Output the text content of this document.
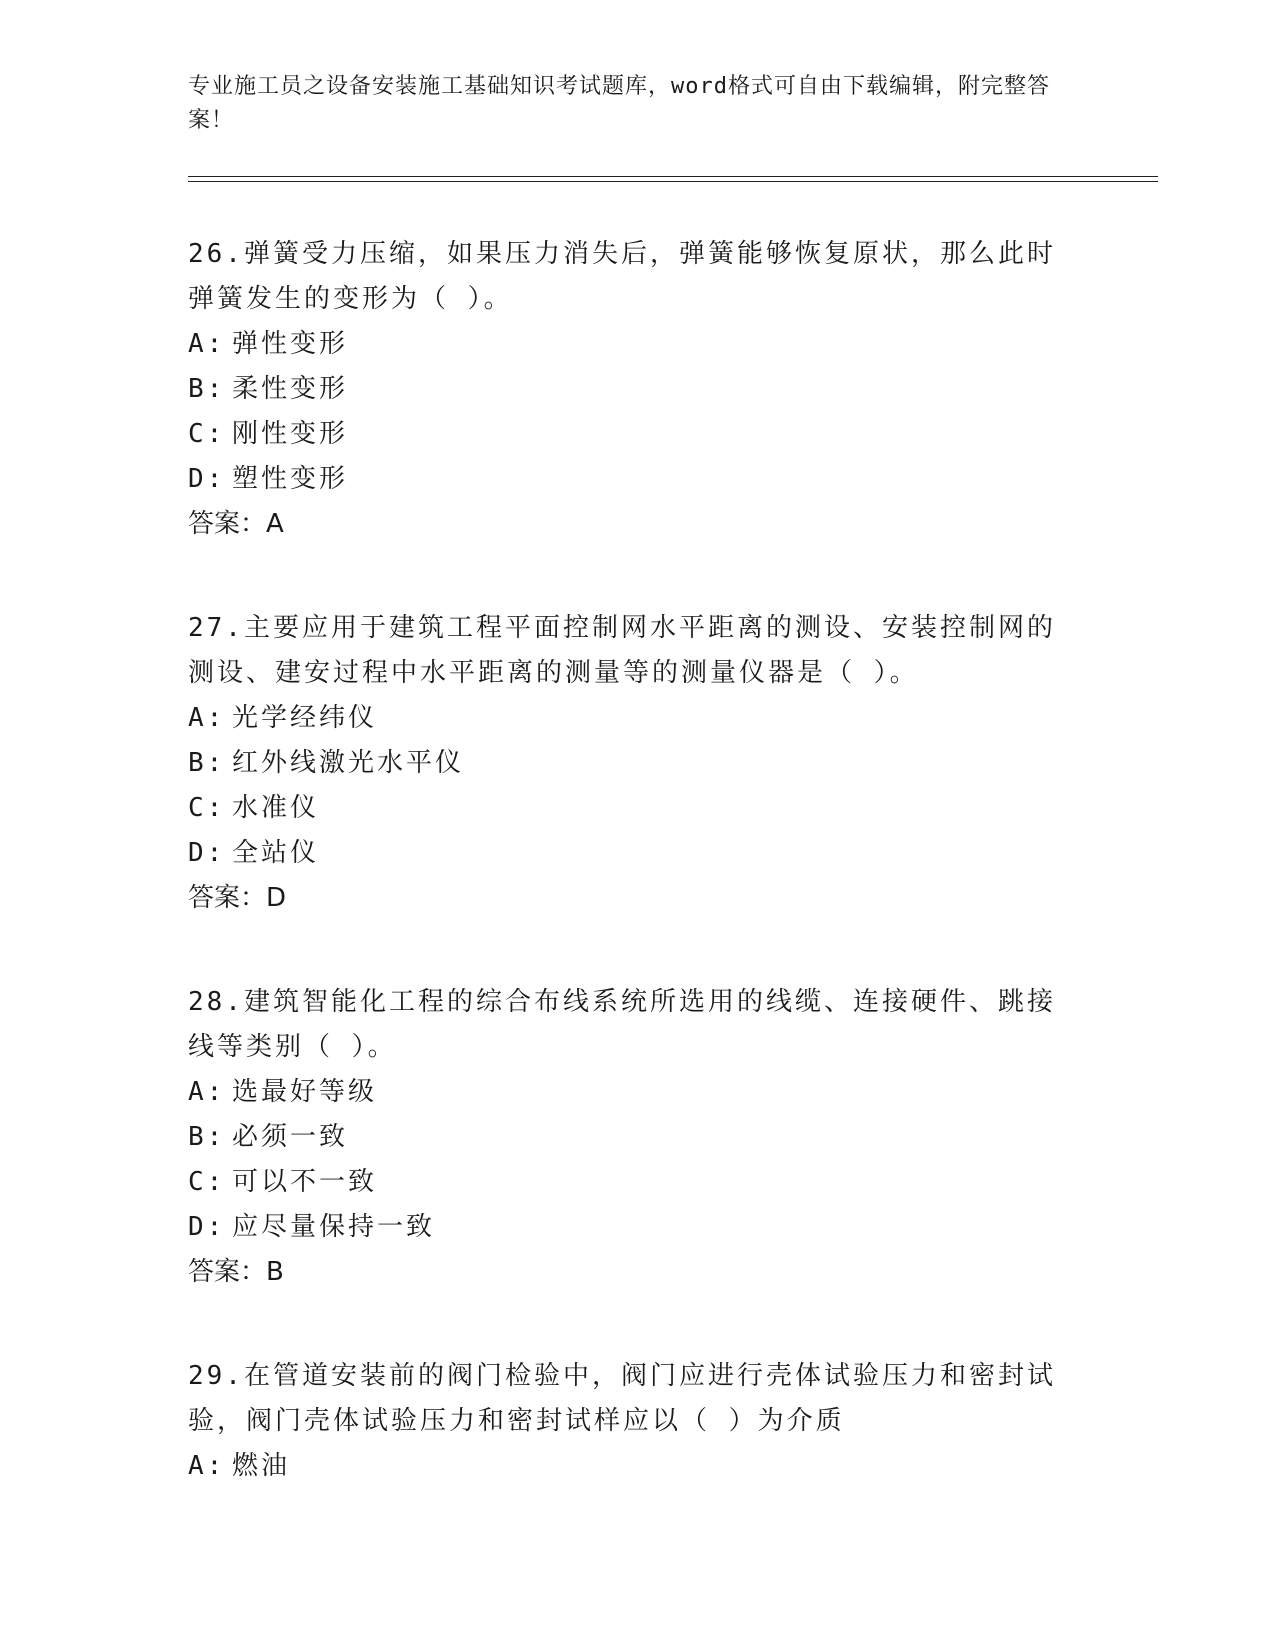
专业施工员之设备安装施工基础知识考试题库，word格式可自由下载编辑，附完整答案！

26.弹簧受力压缩，如果压力消失后，弹簧能够恢复原状，那么此时弹簧发生的变形为（ ）。

A: 弹性变形

B: 柔性变形

C: 刚性变形

D: 塑性变形

答案：A

27.主要应用于建筑工程平面控制网水平距离的测设、安装控制网的测设、建安过程中水平距离的测量等的测量仪器是（ ）。

A: 光学经纬仪

B: 红外线激光水平仪

C: 水准仪

D: 全站仪

答案：D

28.建筑智能化工程的综合布线系统所选用的线缆、连接硬件、跳接线等类别（ ）。

A: 选最好等级

B: 必须一致

C: 可以不一致

D: 应尽量保持一致

答案：B

29.在管道安装前的阀门检验中，阀门应进行壳体试验压力和密封试验，阀门壳体试验压力和密封试样应以（ ）为介质

A: 燃油
